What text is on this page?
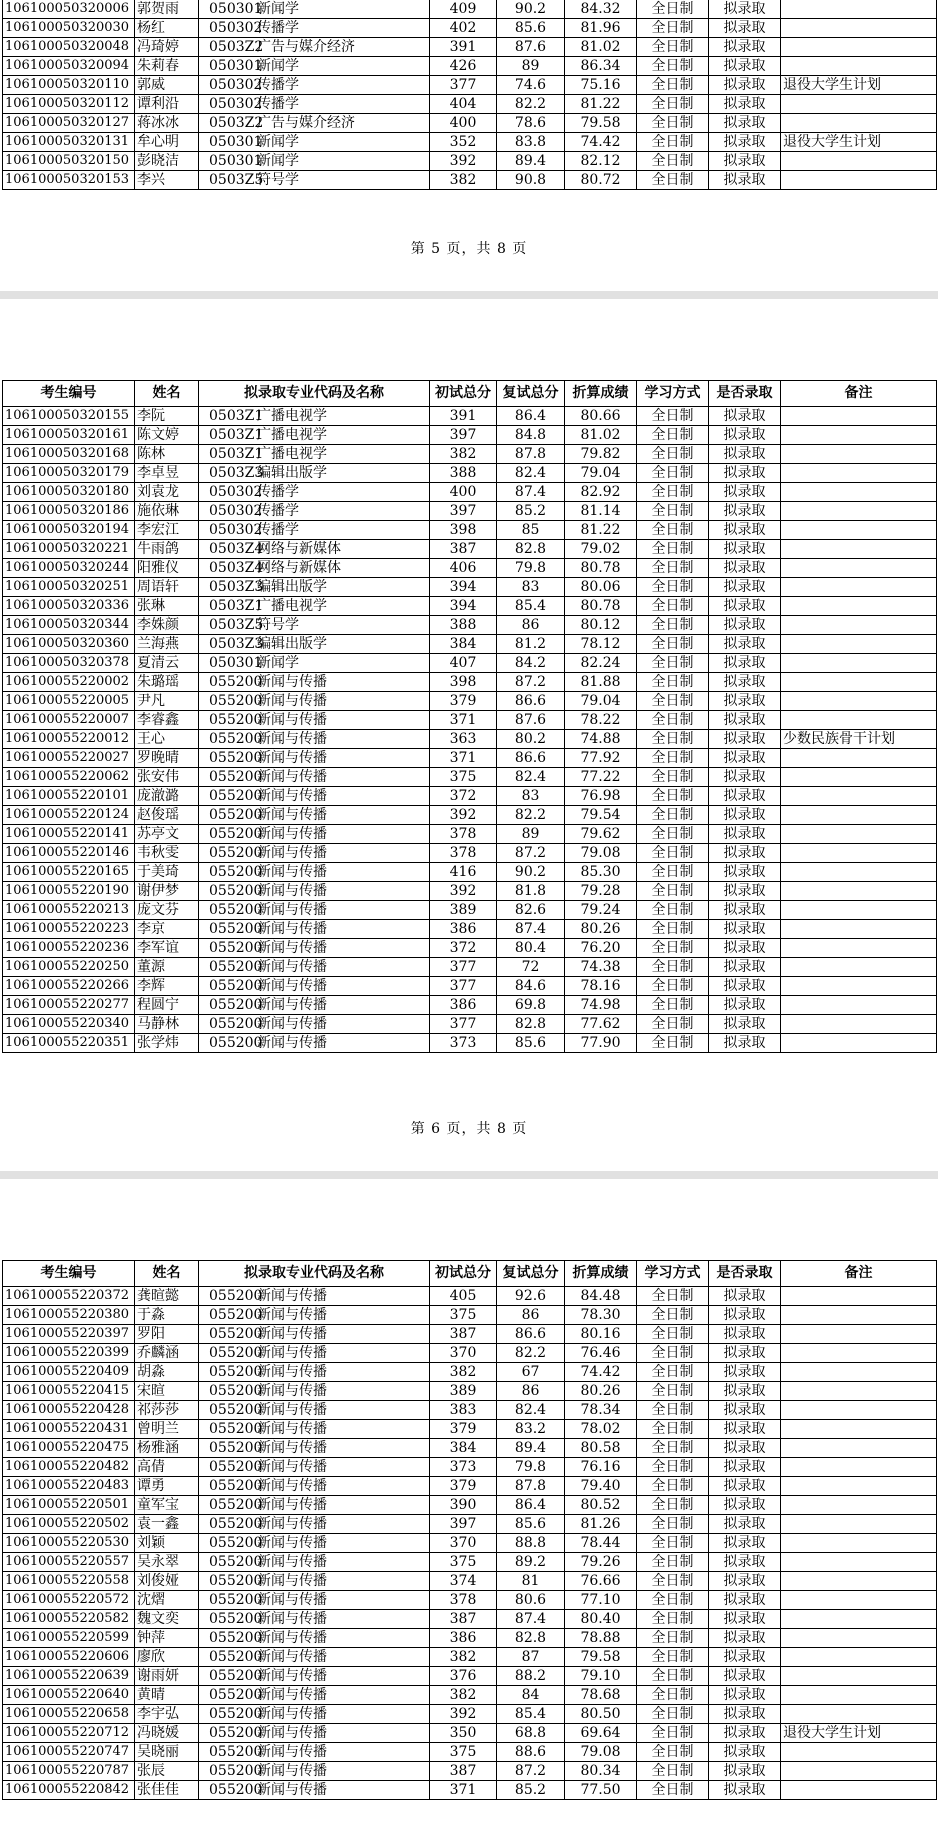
106100050320006	郭贺雨	050301新闻学	409	90.2	84.32	全日制	拟录取	
106100050320030	杨红	050302传播学	402	85.6	81.96	全日制	拟录取	
106100050320048	冯琦婷	0503Z2广告与媒介经济	391	87.6	81.02	全日制	拟录取	
106100050320094	朱莉春	050301新闻学	426	89	86.34	全日制	拟录取	
106100050320110	郭威	050302传播学	377	74.6	75.16	全日制	拟录取	退役大学生计划
106100050320112	谭利沿	050302传播学	404	82.2	81.22	全日制	拟录取	
106100050320127	蒋冰冰	0503Z2广告与媒介经济	400	78.6	79.58	全日制	拟录取	
106100050320131	牟心明	050301新闻学	352	83.8	74.42	全日制	拟录取	退役大学生计划
106100050320150	彭晓洁	050301新闻学	392	89.4	82.12	全日制	拟录取	
106100050320153	李兴	0503Z5符号学	382	90.8	80.72	全日制	拟录取	
第 5 页，共 8 页
考生编号	姓名	拟录取专业代码及名称	初试总分	复试总分	折算成绩	学习方式	是否录取	备注
106100050320155	李阮	0503Z1广播电视学	391	86.4	80.66	全日制	拟录取	
106100050320161	陈文婷	0503Z1广播电视学	397	84.8	81.02	全日制	拟录取	
106100050320168	陈林	0503Z1广播电视学	382	87.8	79.82	全日制	拟录取	
106100050320179	李卓昱	0503Z3编辑出版学	388	82.4	79.04	全日制	拟录取	
106100050320180	刘袁龙	050302传播学	400	87.4	82.92	全日制	拟录取	
106100050320186	施依琳	050302传播学	397	85.2	81.14	全日制	拟录取	
106100050320194	李宏江	050302传播学	398	85	81.22	全日制	拟录取	
106100050320221	牛雨鸽	0503Z4网络与新媒体	387	82.8	79.02	全日制	拟录取	
106100050320244	阳雅仪	0503Z4网络与新媒体	406	79.8	80.78	全日制	拟录取	
106100050320251	周语轩	0503Z3编辑出版学	394	83	80.06	全日制	拟录取	
106100050320336	张琳	0503Z1广播电视学	394	85.4	80.78	全日制	拟录取	
106100050320344	李姝颜	0503Z5符号学	388	86	80.12	全日制	拟录取	
106100050320360	兰海燕	0503Z3编辑出版学	384	81.2	78.12	全日制	拟录取	
106100050320378	夏清云	050301新闻学	407	84.2	82.24	全日制	拟录取	
106100055220002	朱璐瑶	055200新闻与传播	398	87.2	81.88	全日制	拟录取	
106100055220005	尹凡	055200新闻与传播	379	86.6	79.04	全日制	拟录取	
106100055220007	李睿鑫	055200新闻与传播	371	87.6	78.22	全日制	拟录取	
106100055220012	王心	055200新闻与传播	363	80.2	74.88	全日制	拟录取	少数民族骨干计划
106100055220027	罗晚晴	055200新闻与传播	371	86.6	77.92	全日制	拟录取	
106100055220062	张安伟	055200新闻与传播	375	82.4	77.22	全日制	拟录取	
106100055220101	庞澈潞	055200新闻与传播	372	83	76.98	全日制	拟录取	
106100055220124	赵俊瑶	055200新闻与传播	392	82.2	79.54	全日制	拟录取	
106100055220141	苏亭文	055200新闻与传播	378	89	79.62	全日制	拟录取	
106100055220146	韦秋雯	055200新闻与传播	378	87.2	79.08	全日制	拟录取	
106100055220165	于美琦	055200新闻与传播	416	90.2	85.30	全日制	拟录取	
106100055220190	谢伊梦	055200新闻与传播	392	81.8	79.28	全日制	拟录取	
106100055220213	庞文芬	055200新闻与传播	389	82.6	79.24	全日制	拟录取	
106100055220223	李京	055200新闻与传播	386	87.4	80.26	全日制	拟录取	
106100055220236	李军谊	055200新闻与传播	372	80.4	76.20	全日制	拟录取	
106100055220250	董源	055200新闻与传播	377	72	74.38	全日制	拟录取	
106100055220266	李辉	055200新闻与传播	377	84.6	78.16	全日制	拟录取	
106100055220277	程圆宁	055200新闻与传播	386	69.8	74.98	全日制	拟录取	
106100055220340	马静林	055200新闻与传播	377	82.8	77.62	全日制	拟录取	
106100055220351	张学炜	055200新闻与传播	373	85.6	77.90	全日制	拟录取	
第 6 页，共 8 页
考生编号	姓名	拟录取专业代码及名称	初试总分	复试总分	折算成绩	学习方式	是否录取	备注
106100055220372	龚暄懿	055200新闻与传播	405	92.6	84.48	全日制	拟录取	
106100055220380	于淼	055200新闻与传播	375	86	78.30	全日制	拟录取	
106100055220397	罗阳	055200新闻与传播	387	86.6	80.16	全日制	拟录取	
106100055220399	乔麟涵	055200新闻与传播	370	82.2	76.46	全日制	拟录取	
106100055220409	胡淼	055200新闻与传播	382	67	74.42	全日制	拟录取	
106100055220415	宋暄	055200新闻与传播	389	86	80.26	全日制	拟录取	
106100055220428	祁莎莎	055200新闻与传播	383	82.4	78.34	全日制	拟录取	
106100055220431	曾明兰	055200新闻与传播	379	83.2	78.02	全日制	拟录取	
106100055220475	杨雅涵	055200新闻与传播	384	89.4	80.58	全日制	拟录取	
106100055220482	高倩	055200新闻与传播	373	79.8	76.16	全日制	拟录取	
106100055220483	谭勇	055200新闻与传播	379	87.8	79.40	全日制	拟录取	
106100055220501	童军宝	055200新闻与传播	390	86.4	80.52	全日制	拟录取	
106100055220502	袁一鑫	055200新闻与传播	397	85.6	81.26	全日制	拟录取	
106100055220530	刘颖	055200新闻与传播	370	88.8	78.44	全日制	拟录取	
106100055220557	吴永翠	055200新闻与传播	375	89.2	79.26	全日制	拟录取	
106100055220558	刘俊娅	055200新闻与传播	374	81	76.66	全日制	拟录取	
106100055220572	沈熠	055200新闻与传播	378	80.6	77.10	全日制	拟录取	
106100055220582	魏文奕	055200新闻与传播	387	87.4	80.40	全日制	拟录取	
106100055220599	钟萍	055200新闻与传播	386	82.8	78.88	全日制	拟录取	
106100055220606	廖欣	055200新闻与传播	382	87	79.58	全日制	拟录取	
106100055220639	谢雨妍	055200新闻与传播	376	88.2	79.10	全日制	拟录取	
106100055220640	黄晴	055200新闻与传播	382	84	78.68	全日制	拟录取	
106100055220658	李宇弘	055200新闻与传播	392	85.4	80.50	全日制	拟录取	
106100055220712	冯晓媛	055200新闻与传播	350	68.8	69.64	全日制	拟录取	退役大学生计划
106100055220747	吴晓丽	055200新闻与传播	375	88.6	79.08	全日制	拟录取	
106100055220787	张辰	055200新闻与传播	387	87.2	80.34	全日制	拟录取	
106100055220842	张佳佳	055200新闻与传播	371	85.2	77.50	全日制	拟录取	
